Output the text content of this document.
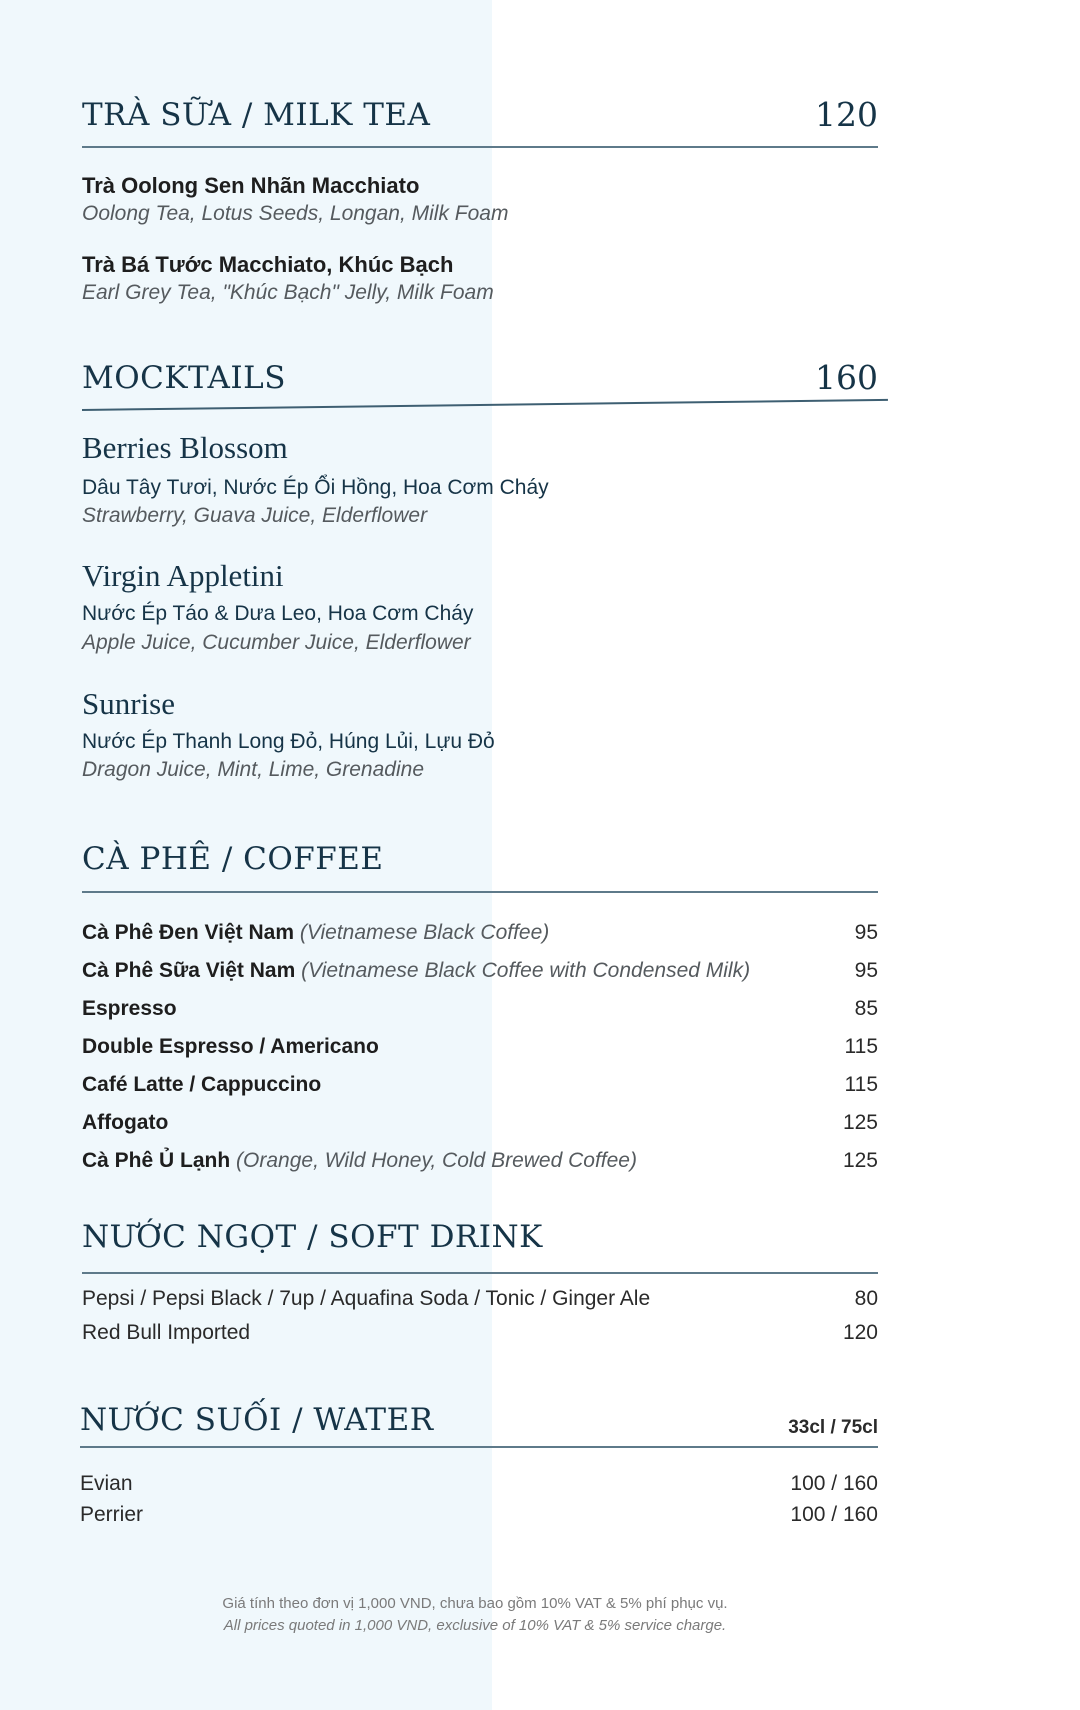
TRÀ SỮA / MILK TEA	120
Trà Oolong Sen Nhãn Macchiato
Oolong Tea, Lotus Seeds, Longan, Milk Foam
Trà Bá Tước Macchiato, Khúc Bạch
Earl Grey Tea, "Khúc Bạch" Jelly, Milk Foam
MOCKTAILS	160
Berries Blossom
Dâu Tây Tươi, Nước Ép Ổi Hồng, Hoa Cơm Cháy
Strawberry, Guava Juice, Elderflower
Virgin Appletini
Nước Ép Táo & Dưa Leo, Hoa Cơm Cháy
Apple Juice, Cucumber Juice, Elderflower
Sunrise
Nước Ép Thanh Long Đỏ, Húng Lủi, Lựu Đỏ
Dragon Juice, Mint, Lime, Grenadine
CÀ PHÊ / COFFEE
Cà Phê Đen Việt Nam (Vietnamese Black Coffee)	95
Cà Phê Sữa Việt Nam (Vietnamese Black Coffee with Condensed Milk)	95
Espresso	85
Double Espresso / Americano	115
Café Latte / Cappuccino	115
Affogato	125
Cà Phê Ủ Lạnh (Orange, Wild Honey, Cold Brewed Coffee)	125
NƯỚC NGỌT / SOFT DRINK
Pepsi / Pepsi Black / 7up / Aquafina Soda / Tonic / Ginger Ale	80
Red Bull Imported	120
NƯỚC SUỐI / WATER	33cl / 75cl
Evian	100 / 160
Perrier	100 / 160
Giá tính theo đơn vị 1,000 VND, chưa bao gồm 10% VAT & 5% phí phục vụ.
All prices quoted in 1,000 VND, exclusive of 10% VAT & 5% service charge.
